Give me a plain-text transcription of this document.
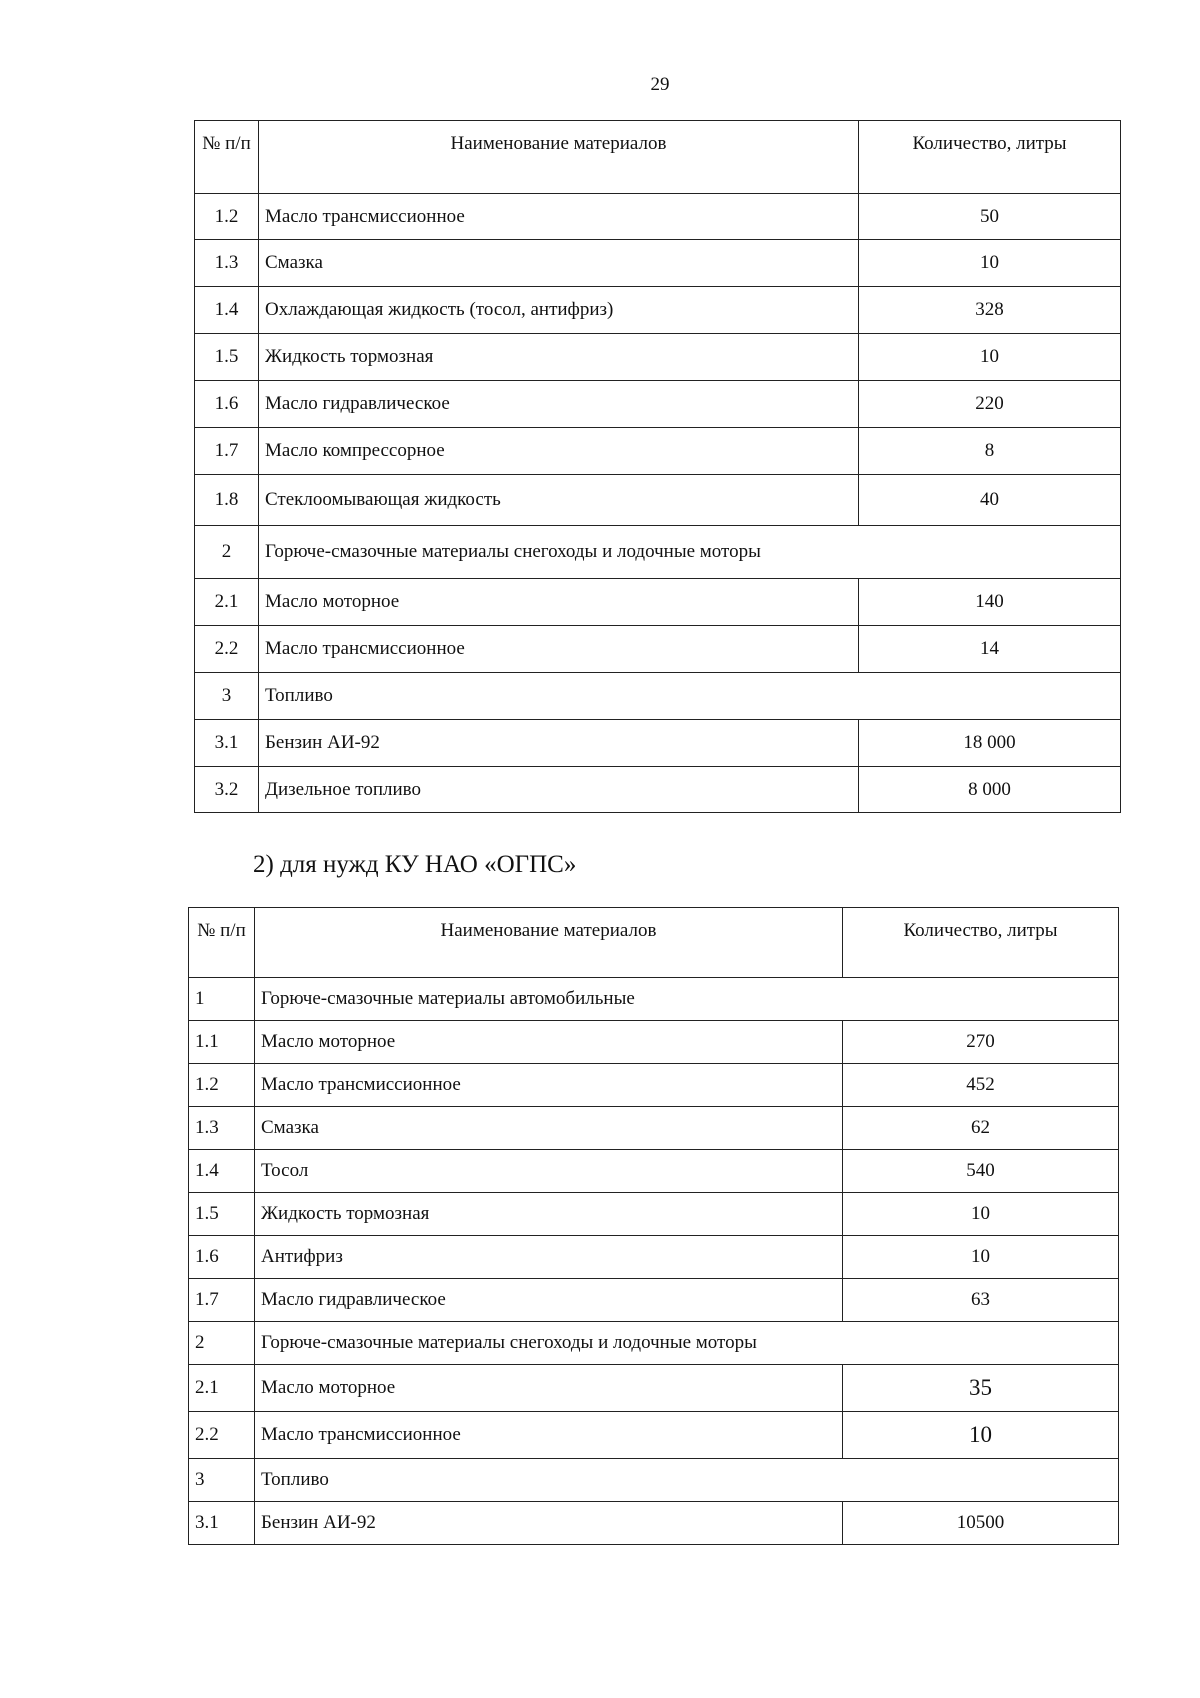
29
№ п/п	Наименование материалов	Количество, литры
1.2	Масло трансмиссионное	50
1.3	Смазка	10
1.4	Охлаждающая жидкость (тосол, антифриз)	328
1.5	Жидкость тормозная	10
1.6	Масло гидравлическое	220
1.7	Масло компрессорное	8
1.8	Стеклоомывающая жидкость	40
2	Горюче-смазочные материалы снегоходы и лодочные моторы	
2.1	Масло моторное	140
2.2	Масло трансмиссионное	14
3	Топливо	
3.1	Бензин АИ-92	18 000
3.2	Дизельное топливо	8 000
2) для нужд КУ НАО «ОГПС»
№ п/п	Наименование материалов	Количество, литры
1	Горюче-смазочные материалы автомобильные	
1.1	Масло моторное	270
1.2	Масло трансмиссионное	452
1.3	Смазка	62
1.4	Тосол	540
1.5	Жидкость тормозная	10
1.6	Антифриз	10
1.7	Масло гидравлическое	63
2	Горюче-смазочные материалы снегоходы и лодочные моторы	
2.1	Масло моторное	35
2.2	Масло трансмиссионное	10
3	Топливо	
3.1	Бензин АИ-92	10500
